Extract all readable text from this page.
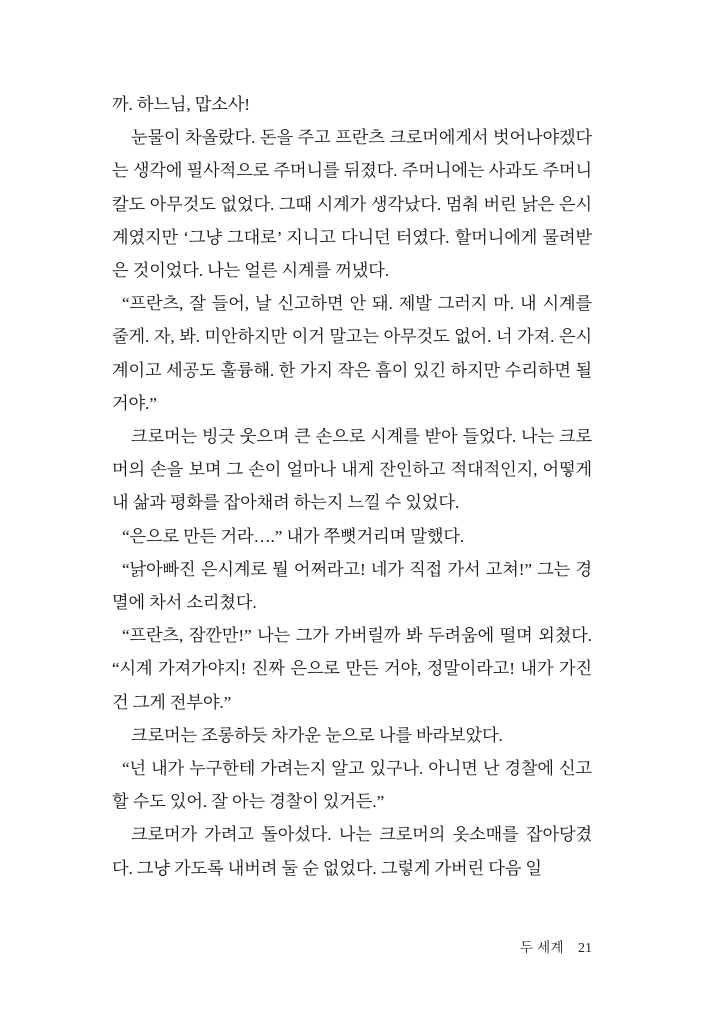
까. 하느님, 맙소사!

눈물이 차올랐다. 돈을 주고 프란츠 크로머에게서 벗어나야겠다는 생각에 필사적으로 주머니를 뒤졌다. 주머니에는 사과도 주머니칼도 아무것도 없었다. 그때 시계가 생각났다. 멈춰 버린 낡은 은시계였지만 ‘그냥 그대로’ 지니고 다니던 터였다. 할머니에게 물려받은 것이었다. 나는 얼른 시계를 꺼냈다.

“프란츠, 잘 들어, 날 신고하면 안 돼. 제발 그러지 마. 내 시계를 줄게. 자, 봐. 미안하지만 이거 말고는 아무것도 없어. 너 가져. 은시계이고 세공도 훌륭해. 한 가지 작은 흠이 있긴 하지만 수리하면 될 거야.”

크로머는 빙긋 웃으며 큰 손으로 시계를 받아 들었다. 나는 크로머의 손을 보며 그 손이 얼마나 내게 잔인하고 적대적인지, 어떻게 내 삶과 평화를 잡아채려 하는지 느낄 수 있었다.

“은으로 만든 거라….” 내가 쭈뼛거리며 말했다.

“낡아빠진 은시계로 뭘 어쩌라고! 네가 직접 가서 고쳐!” 그는 경멸에 차서 소리쳤다.

“프란츠, 잠깐만!” 나는 그가 가버릴까 봐 두려움에 떨며 외쳤다. “시계 가져가야지! 진짜 은으로 만든 거야, 정말이라고! 내가 가진 건 그게 전부야.”

크로머는 조롱하듯 차가운 눈으로 나를 바라보았다.

“넌 내가 누구한테 가려는지 알고 있구나. 아니면 난 경찰에 신고할 수도 있어. 잘 아는 경찰이 있거든.”

크로머가 가려고 돌아섰다. 나는 크로머의 옷소매를 잡아당겼다. 그냥 가도록 내버려 둘 순 없었다. 그렇게 가버린 다음 일

두 세계 21
